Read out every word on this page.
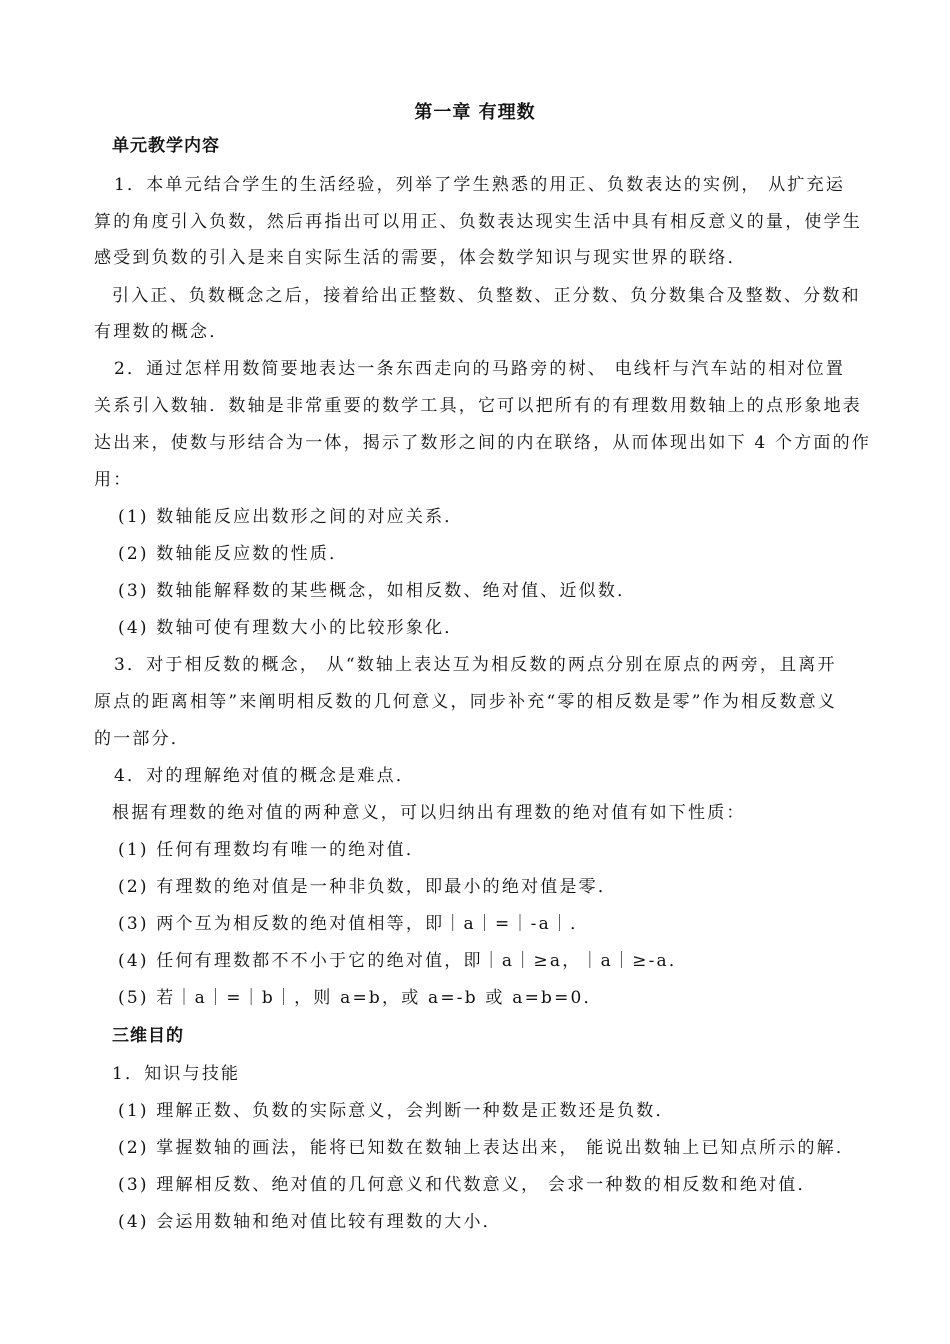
第一章 有理数
单元教学内容
1．本单元结合学生的生活经验，列举了学生熟悉的用正、负数表达的实例， 从扩充运
算的角度引入负数，然后再指出可以用正、负数表达现实生活中具有相反意义的量，使学生
感受到负数的引入是来自实际生活的需要，体会数学知识与现实世界的联络．
引入正、负数概念之后，接着给出正整数、负整数、正分数、负分数集合及整数、分数和
有理数的概念．
2．通过怎样用数简要地表达一条东西走向的马路旁的树、 电线杆与汽车站的相对位置
关系引入数轴．数轴是非常重要的数学工具，它可以把所有的有理数用数轴上的点形象地表
达出来，使数与形结合为一体，揭示了数形之间的内在联络，从而体现出如下 4 个方面的作
用：
(1) 数轴能反应出数形之间的对应关系．
(2) 数轴能反应数的性质．
(3) 数轴能解释数的某些概念，如相反数、绝对值、近似数．
(4) 数轴可使有理数大小的比较形象化．
3．对于相反数的概念， 从“数轴上表达互为相反数的两点分别在原点的两旁，且离开
原点的距离相等”来阐明相反数的几何意义，同步补充“零的相反数是零”作为相反数意义
的一部分．
4．对的理解绝对值的概念是难点．
根据有理数的绝对值的两种意义，可以归纳出有理数的绝对值有如下性质：
(1) 任何有理数均有唯一的绝对值．
(2) 有理数的绝对值是一种非负数，即最小的绝对值是零．
(3) 两个互为相反数的绝对值相等，即｜a｜=｜-a｜．
(4) 任何有理数都不不小于它的绝对值，即｜a｜≥a，｜a｜≥-a．
(5) 若｜a｜=｜b｜，则 a=b，或 a=-b 或 a=b=0．
三维目的
1．知识与技能
(1) 理解正数、负数的实际意义，会判断一种数是正数还是负数．
(2) 掌握数轴的画法，能将已知数在数轴上表达出来， 能说出数轴上已知点所示的解．
(3) 理解相反数、绝对值的几何意义和代数意义， 会求一种数的相反数和绝对值．
(4) 会运用数轴和绝对值比较有理数的大小．
